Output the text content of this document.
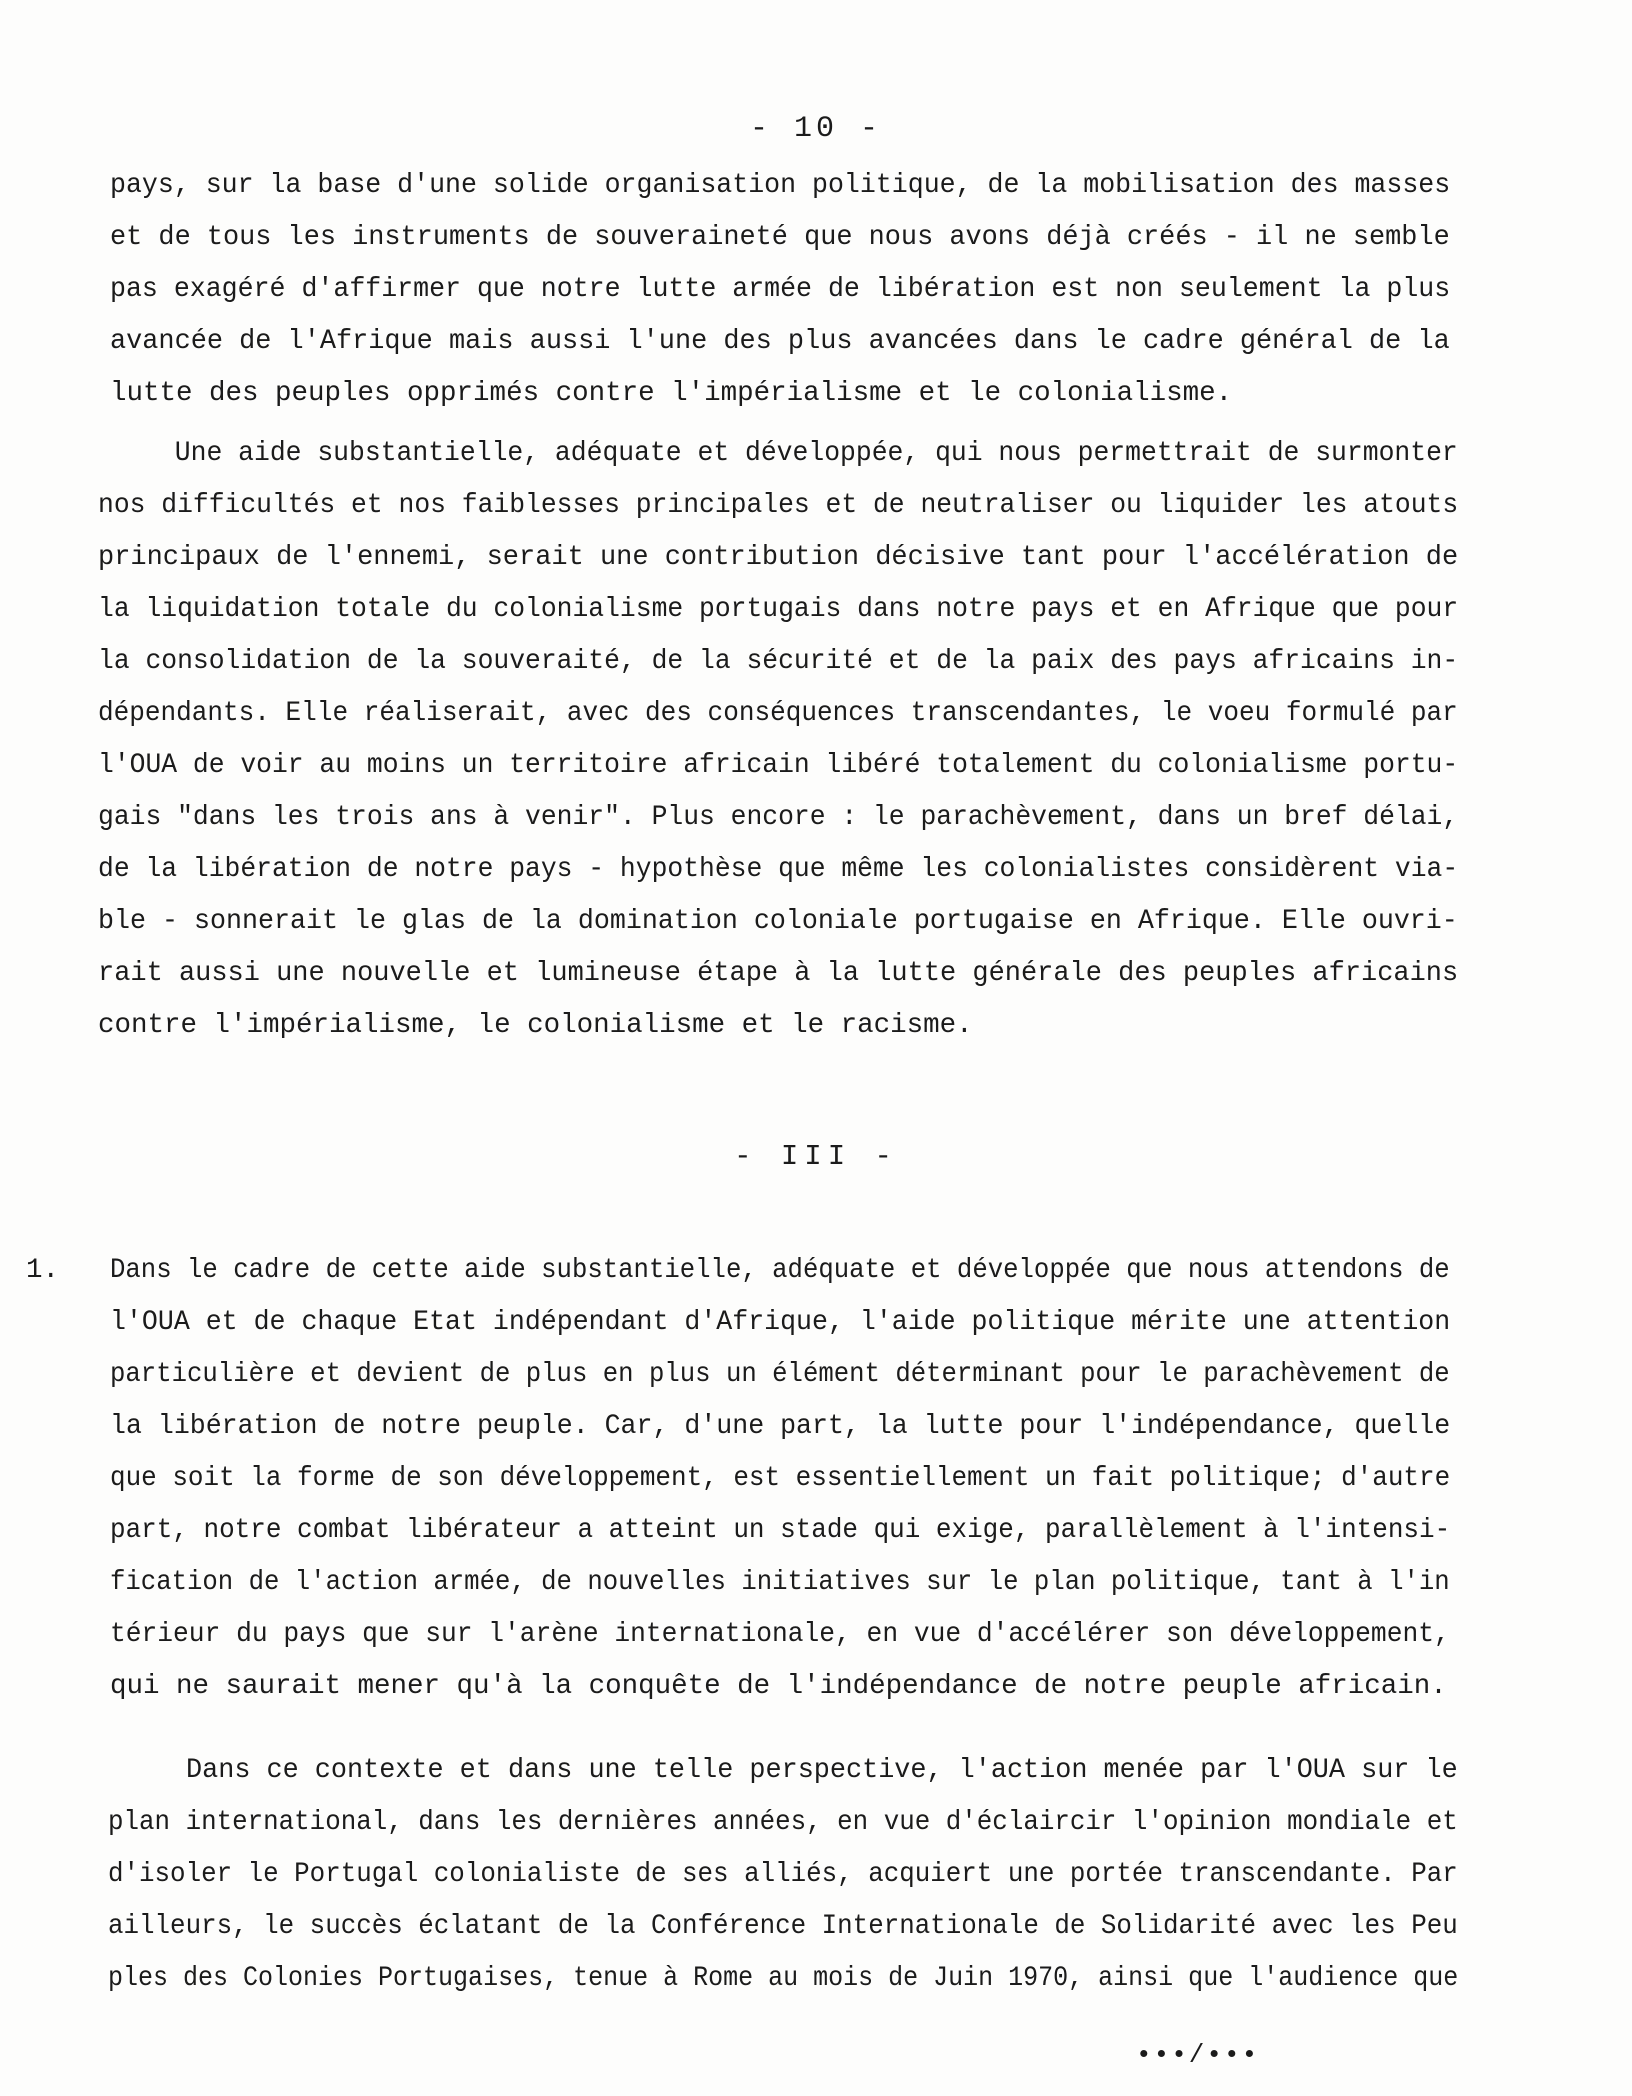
- 10 -
pays, sur la base d'une solide organisation politique, de la mobilisation des masses
et de tous les instruments de souveraineté que nous avons déjà créés - il ne semble
pas exagéré d'affirmer que notre lutte armée de libération est non seulement la plus
avancée de l'Afrique mais aussi l'une des plus avancées dans le cadre général de la
lutte des peuples opprimés contre l'impérialisme et le colonialisme.
Une aide substantielle, adéquate et développée, qui nous permettrait de surmonter
nos difficultés et nos faiblesses principales et de neutraliser ou liquider les atouts
principaux de l'ennemi, serait une contribution décisive tant pour l'accélération de
la liquidation totale du colonialisme portugais dans notre pays et en Afrique que pour
la consolidation de la souveraité, de la sécurité et de la paix des pays africains in-
dépendants. Elle réaliserait, avec des conséquences transcendantes, le voeu formulé par
l'OUA de voir au moins un territoire africain libéré totalement du colonialisme portu-
gais "dans les trois ans à venir". Plus encore : le parachèvement, dans un bref délai,
de la libération de notre pays - hypothèse que même les colonialistes considèrent via-
ble - sonnerait le glas de la domination coloniale portugaise en Afrique. Elle ouvri-
rait aussi une nouvelle et lumineuse étape à la lutte générale des peuples africains
contre l'impérialisme, le colonialisme et le racisme.
- III -
1. Dans le cadre de cette aide substantielle, adéquate et développée que nous attendons de
l'OUA et de chaque Etat indépendant d'Afrique, l'aide politique mérite une attention
particulière et devient de plus en plus un élément déterminant pour le parachèvement de
la libération de notre peuple. Car, d'une part, la lutte pour l'indépendance, quelle
que soit la forme de son développement, est essentiellement un fait politique; d'autre
part, notre combat libérateur a atteint un stade qui exige, parallèlement à l'intensi-
fication de l'action armée, de nouvelles initiatives sur le plan politique, tant à l'in
térieur du pays que sur l'arène internationale, en vue d'accélérer son développement,
qui ne saurait mener qu'à la conquête de l'indépendance de notre peuple africain.
Dans ce contexte et dans une telle perspective, l'action menée par l'OUA sur le
plan international, dans les dernières années, en vue d'éclaircir l'opinion mondiale et
d'isoler le Portugal colonialiste de ses alliés, acquiert une portée transcendante. Par
ailleurs, le succès éclatant de la Conférence Internationale de Solidarité avec les Peu
ples des Colonies Portugaises, tenue à Rome au mois de Juin 1970, ainsi que l'audience que
•••/•••
